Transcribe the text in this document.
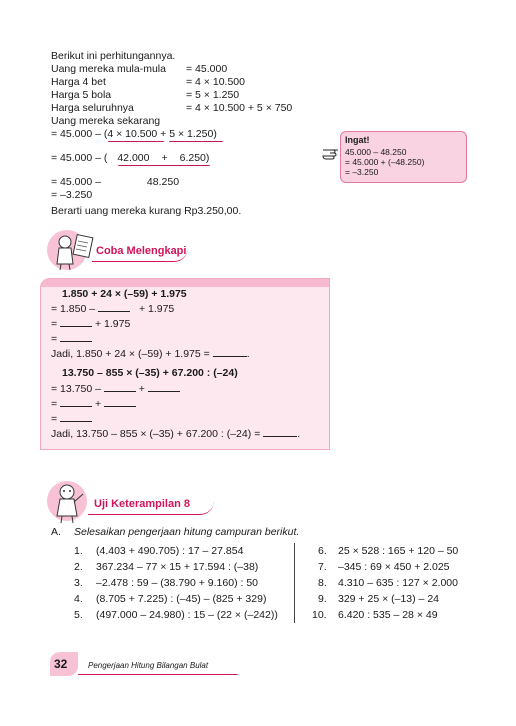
Berikut ini perhitungannya.
Uang mereka mula-mula = 45.000
Harga 4 bet	= 4 × 10.500
Harga 5 bola	= 5 × 1.250
Harga seluruhnya	= 4 × 10.500 + 5 × 750
Uang mereka sekarang
= 45.000 – (4 × 10.500 + 5 × 1.250)
= 45.000 – ( 42.000 + 6.250)
= 45.000 –	48.250
= –3.250
Berarti uang mereka kurang Rp3.250,00.
Ingat!
45.000 – 48.250
= 45.000 + (–48.250)
= –3.250
Coba Melengkapi
1.850 + 24 × (–59) + 1.975
= 1.850 –	+ 1.975
=	+ 1.975
=
Jadi, 1.850 + 24 × (–59) + 1.975 =	.
13.750 – 855 × (–35) + 67.200 : (–24)
= 13.750 –	+
=	+
=
Jadi, 13.750 – 855 × (–35) + 67.200 : (–24) =	.
Uji Keterampilan 8
A. Selesaikan pengerjaan hitung campuran berikut.
1. (4.403 + 490.705) : 17 – 27.854
2. 367.234 – 77 × 15 + 17.594 : (–38)
3. –2.478 : 59 – (38.790 + 9.160) : 50
4. (8.705 + 7.225) : (–45) – (825 + 329)
5. (497.000 – 24.980) : 15 – (22 × (–242))
6. 25 × 528 : 165 + 120 – 50
7. –345 : 69 × 450 + 2.025
8. 4.310 – 635 : 127 × 2.000
9. 329 + 25 × (–13) – 24
10. 6.420 : 535 – 28 × 49
32	Pengerjaan Hitung Bilangan Bulat
